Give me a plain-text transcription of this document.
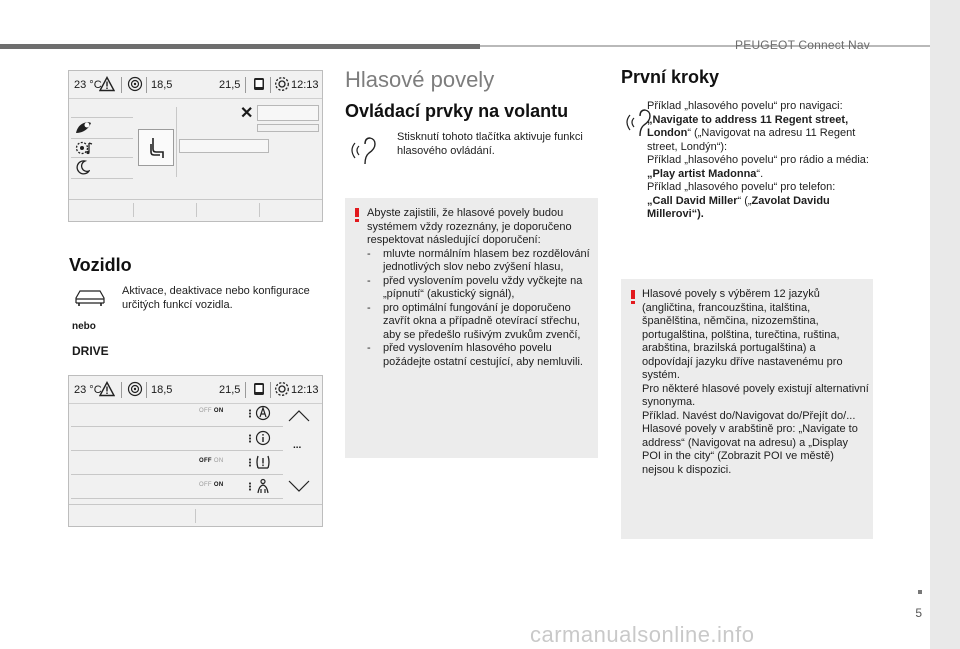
PEUGEOT Connect Nav
5
carmanualsonline.info
23 °C	18,5	21,5	12:13
✕
Vozidlo
Aktivace, deaktivace nebo konfigurace určitých funkcí vozidla.
nebo
DRIVE
23 °C	18,5	21,5	12:13
OFF ON
OFF ON
OFF ON
...
Hlasové povely
Ovládací prvky na volantu
Stisknutí tohoto tlačítka aktivuje funkci hlasového ovládání.
Abyste zajistili, že hlasové povely budou systémem vždy rozeznány, je doporučeno respektovat následující doporučení:
- mluvte normálním hlasem bez rozdělování jednotlivých slov nebo zvýšení hlasu,
- před vyslovením povelu vždy vyčkejte na „pípnutí“ (akustický signál),
- pro optimální fungování je doporučeno zavřít okna a případně otevírací střechu, aby se předešlo rušivým zvukům zvenčí,
- před vyslovením hlasového povelu požádejte ostatní cestující, aby nemluvili.
První kroky
Příklad „hlasového povelu“ pro navigaci:
„Navigate to address 11 Regent street, London“ („Navigovat na adresu 11 Regent street, Londýn“):
Příklad „hlasového povelu“ pro rádio a média:
„Play artist Madonna“.
Příklad „hlasového povelu“ pro telefon:
„Call David Miller“ („Zavolat Davidu Millerovi“).
Hlasové povely s výběrem 12 jazyků (angličtina, francouzština, italština, španělština, němčina, nizozemština, portugalština, polština, turečtina, ruština, arabština, brazilská portugalština) a odpovídají jazyku dříve nastavenému pro systém.
Pro některé hlasové povely existují alternativní synonyma.
Příklad. Navést do/Navigovat do/Přejít do/...
Hlasové povely v arabštině pro: „Navigate to address“ (Navigovat na adresu) a „Display POI in the city“ (Zobrazit POI ve městě) nejsou k dispozici.
